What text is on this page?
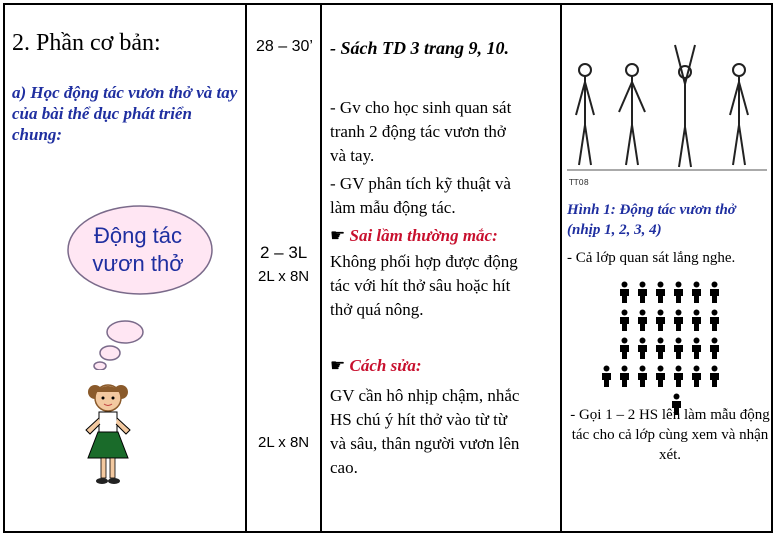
2. Phần cơ bản:
a) Học động tác vươn thở và tay của bài thể dục phát triển chung:
Động tác vươn thở
28 – 30’
2 – 3L
2L x 8N
2L x 8N
- Sách TD 3 trang 9, 10.
- Gv cho học sinh quan sát
tranh 2 động tác vươn thở
và tay.
- GV phân tích kỹ thuật và
làm mẫu động tác.
☛ Sai lầm thường mắc:
Không phối hợp được động
tác với hít thở sâu hoặc hít
thở quá nông.
☛ Cách sửa:
GV cần hô nhịp chậm, nhắc
HS chú ý hít thở vào từ từ
và sâu, thân người vươn lên
cao.
TT08
Hình 1: Động tác vươn thở (nhịp 1, 2, 3, 4)
- Cả lớp quan sát lắng nghe.
- Gọi 1 – 2 HS lên làm mẫu động tác cho cả lớp cùng xem và nhận xét.
